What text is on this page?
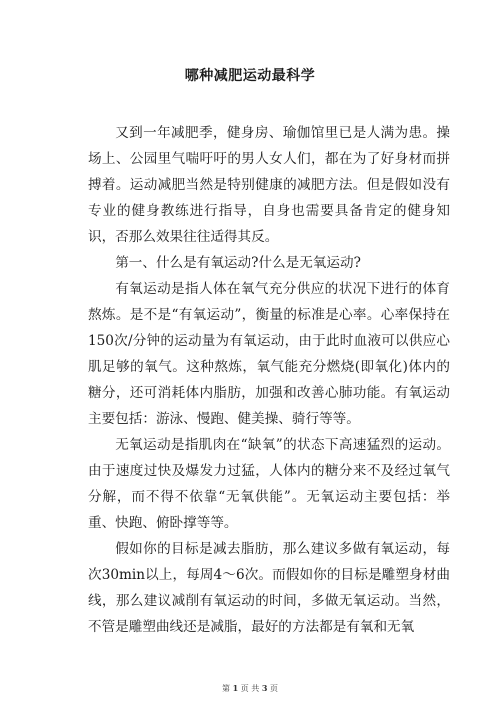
哪种减肥运动最科学

又到一年减肥季，健身房、瑜伽馆里已是人满为患。操场上、公园里气喘吁吁的男人女人们，都在为了好身材而拼搏着。运动减肥当然是特别健康的减肥方法。但是假如没有专业的健身教练进行指导，自身也需要具备肯定的健身知识，否那么效果往往适得其反。

第一、什么是有氧运动?什么是无氧运动?

有氧运动是指人体在氧气充分供应的状况下进行的体育熬炼。是不是“有氧运动”，衡量的标准是心率。心率保持在150次/分钟的运动量为有氧运动，由于此时血液可以供应心肌足够的氧气。这种熬炼，氧气能充分燃烧(即氧化)体内的糖分，还可消耗体内脂肪，加强和改善心肺功能。有氧运动主要包括：游泳、慢跑、健美操、骑行等等。

无氧运动是指肌肉在“缺氧”的状态下高速猛烈的运动。由于速度过快及爆发力过猛，人体内的糖分来不及经过氧气分解，而不得不依靠“无氧供能”。无氧运动主要包括：举重、快跑、俯卧撑等等。

假如你的目标是减去脂肪，那么建议多做有氧运动，每次30min以上，每周4～6次。而假如你的目标是雕塑身材曲线，那么建议减削有氧运动的时间，多做无氧运动。当然，不管是雕塑曲线还是减脂，最好的方法都是有氧和无氧

第 1 页 共 3 页
